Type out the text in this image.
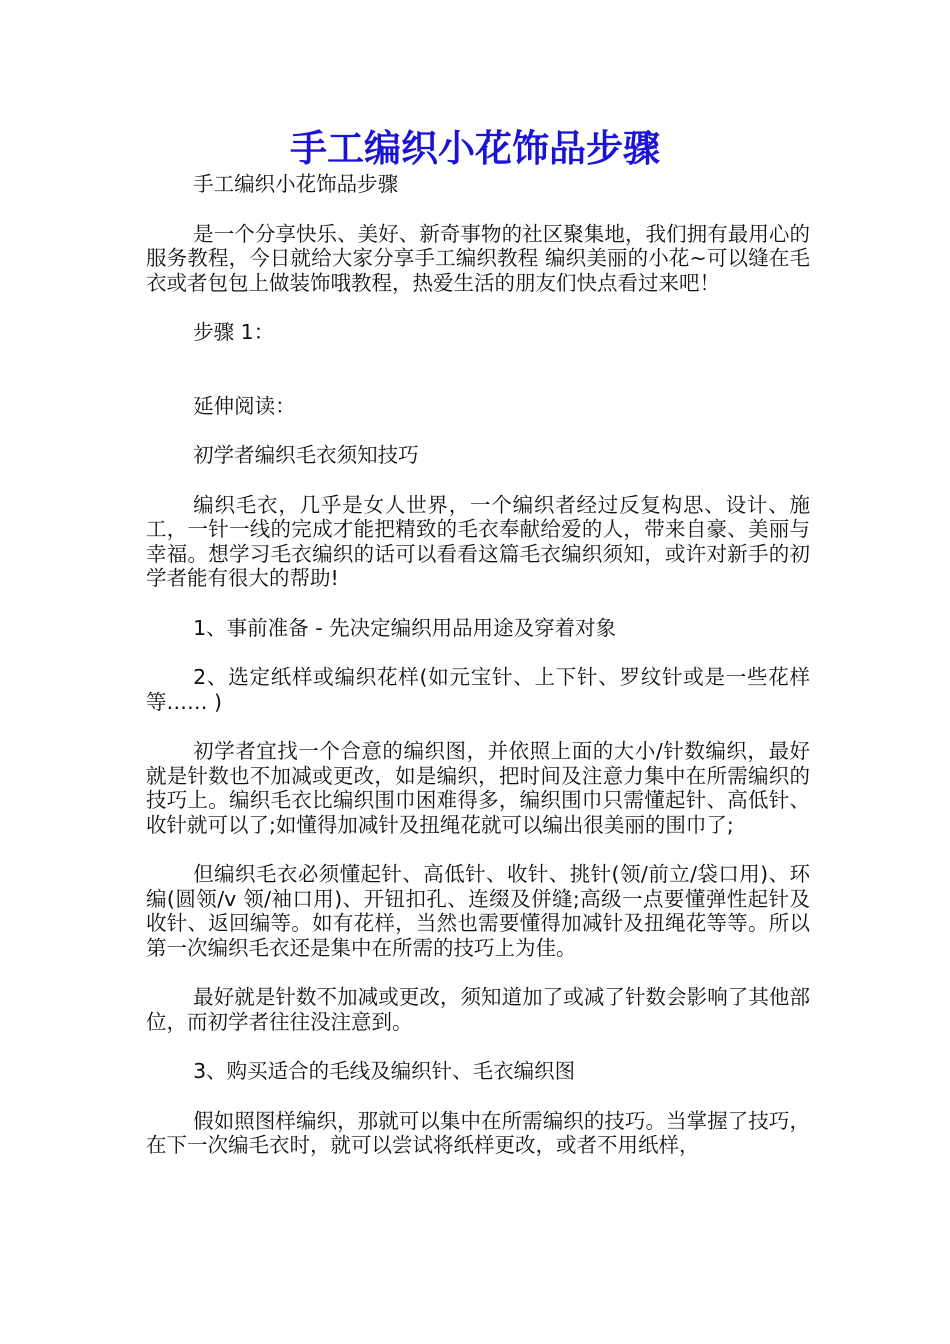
手工编织小花饰品步骤

手工编织小花饰品步骤

是一个分享快乐、美好、新奇事物的社区聚集地，我们拥有最用心的服务教程，今日就给大家分享手工编织教程 编织美丽的小花~可以缝在毛衣或者包包上做装饰哦教程，热爱生活的朋友们快点看过来吧！

步骤 1：

延伸阅读：

初学者编织毛衣须知技巧

编织毛衣，几乎是女人世界，一个编织者经过反复构思、设计、施工，一针一线的完成才能把精致的毛衣奉献给爱的人，带来自豪、美丽与幸福。想学习毛衣编织的话可以看看这篇毛衣编织须知，或许对新手的初学者能有很大的帮助!

1、事前准备 - 先决定编织用品用途及穿着对象

2、选定纸样或编织花样(如元宝针、上下针、罗纹针或是一些花样等…… )

初学者宜找一个合意的编织图，并依照上面的大小/针数编织，最好就是针数也不加减或更改，如是编织，把时间及注意力集中在所需编织的技巧上。编织毛衣比编织围巾困难得多，编织围巾只需懂起针、高低针、收针就可以了;如懂得加减针及扭绳花就可以编出很美丽的围巾了;

但编织毛衣必须懂起针、高低针、收针、挑针(领/前立/袋口用)、环编(圆领/v 领/袖口用)、开钮扣孔、连缀及併缝;高级一点要懂弹性起针及收针、返回编等。如有花样，当然也需要懂得加减针及扭绳花等等。所以第一次编织毛衣还是集中在所需的技巧上为佳。

最好就是针数不加减或更改，须知道加了或减了针数会影响了其他部位，而初学者往往没注意到。

3、购买适合的毛线及编织针、毛衣编织图

假如照图样编织，那就可以集中在所需编织的技巧。当掌握了技巧，在下一次编毛衣时，就可以尝试将纸样更改，或者不用纸样，
